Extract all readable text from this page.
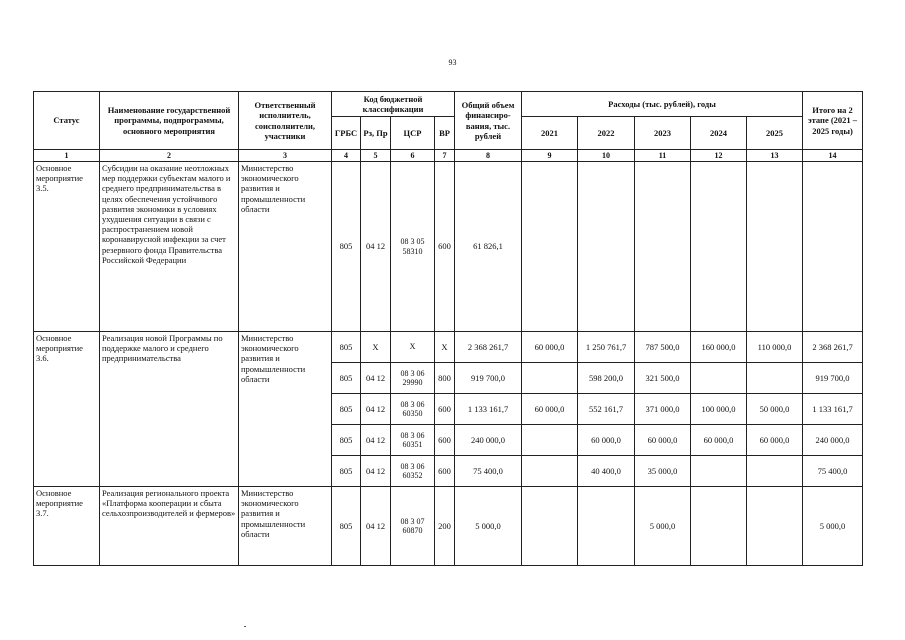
93
Статус	Наименование государственной программы, подпрограммы, основного мероприятия	Ответственный исполнитель, соисполнители, участники	Код бюджетной классификации				Общий объем финансиро- вания, тыс. рублей	Расходы (тыс. рублей), годы					Итого на 2 этапе (2021 – 2025 годы)
			ГРБС	Рз, Пр	ЦСР	ВР		2021	2022	2023	2024	2025	
1	2	3	4	5	6	7	8	9	10	11	12	13	14
Основное мероприятие 3.5.	Субсидии на оказание неотложных мер поддержки субъектам малого и среднего предпринимательства в целях обеспечения устойчивого развития экономики в условиях ухудшения ситуации в связи с распространением новой коронавирусной инфекции за счет резервного фонда Правительства Российской Федерации	Министерство экономического развития и промышленности области	805	04 12	08 3 05 58310	600	61 826,1						
Основное мероприятие 3.6.	Реализация новой Программы по поддержке малого и среднего предпринимательства	Министерство экономического развития и промышленности области	805	Х	Х	Х	2 368 261,7	60 000,0	1 250 761,7	787 500,0	160 000,0	110 000,0	2 368 261,7
			805	04 12	08 3 06 29990	800	919 700,0		598 200,0	321 500,0			919 700,0
			805	04 12	08 3 06 60350	600	1 133 161,7	60 000,0	552 161,7	371 000,0	100 000,0	50 000,0	1 133 161,7
			805	04 12	08 3 06 60351	600	240 000,0		60 000,0	60 000,0	60 000,0	60 000,0	240 000,0
			805	04 12	08 3 06 60352	600	75 400,0		40 400,0	35 000,0			75 400,0
Основное мероприятие 3.7.	Реализация регионального проекта «Платформа кооперации и сбыта сельхозпроизводителей и фермеров»	Министерство экономического развития и промышленности области	805	04 12	08 3 07 60870	200	5 000,0			5 000,0			5 000,0
